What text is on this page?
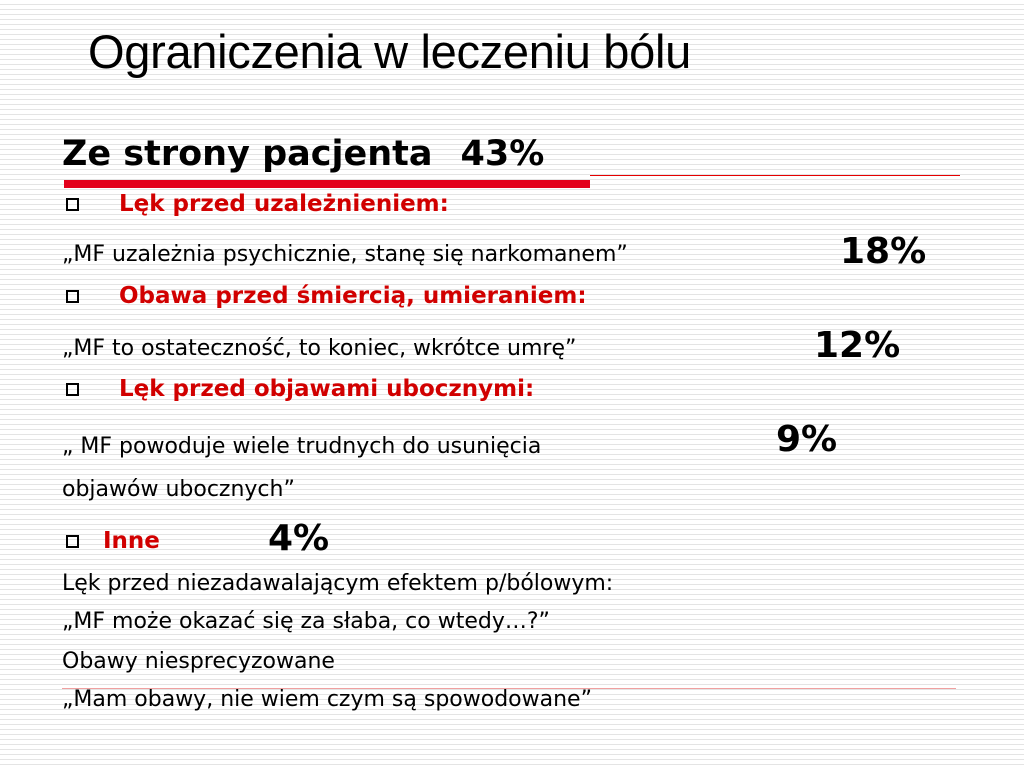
Ograniczenia w leczeniu bólu
Ze strony pacjenta 43%
Lęk przed uzależnieniem:
„MF uzależnia psychicznie, stanę się narkomanem”	18%
Obawa przed śmiercią, umieraniem:
„MF to ostateczność, to koniec, wkrótce umrę”	12%
Lęk przed objawami ubocznymi:
„ MF powoduje wiele trudnych do usunięcia	9%
objawów ubocznych”
Inne	4%
Lęk przed niezadawalającym efektem p/bólowym:
„MF może okazać się za słaba, co wtedy…?”
Obawy niesprecyzowane
„Mam obawy, nie wiem czym są spowodowane”
